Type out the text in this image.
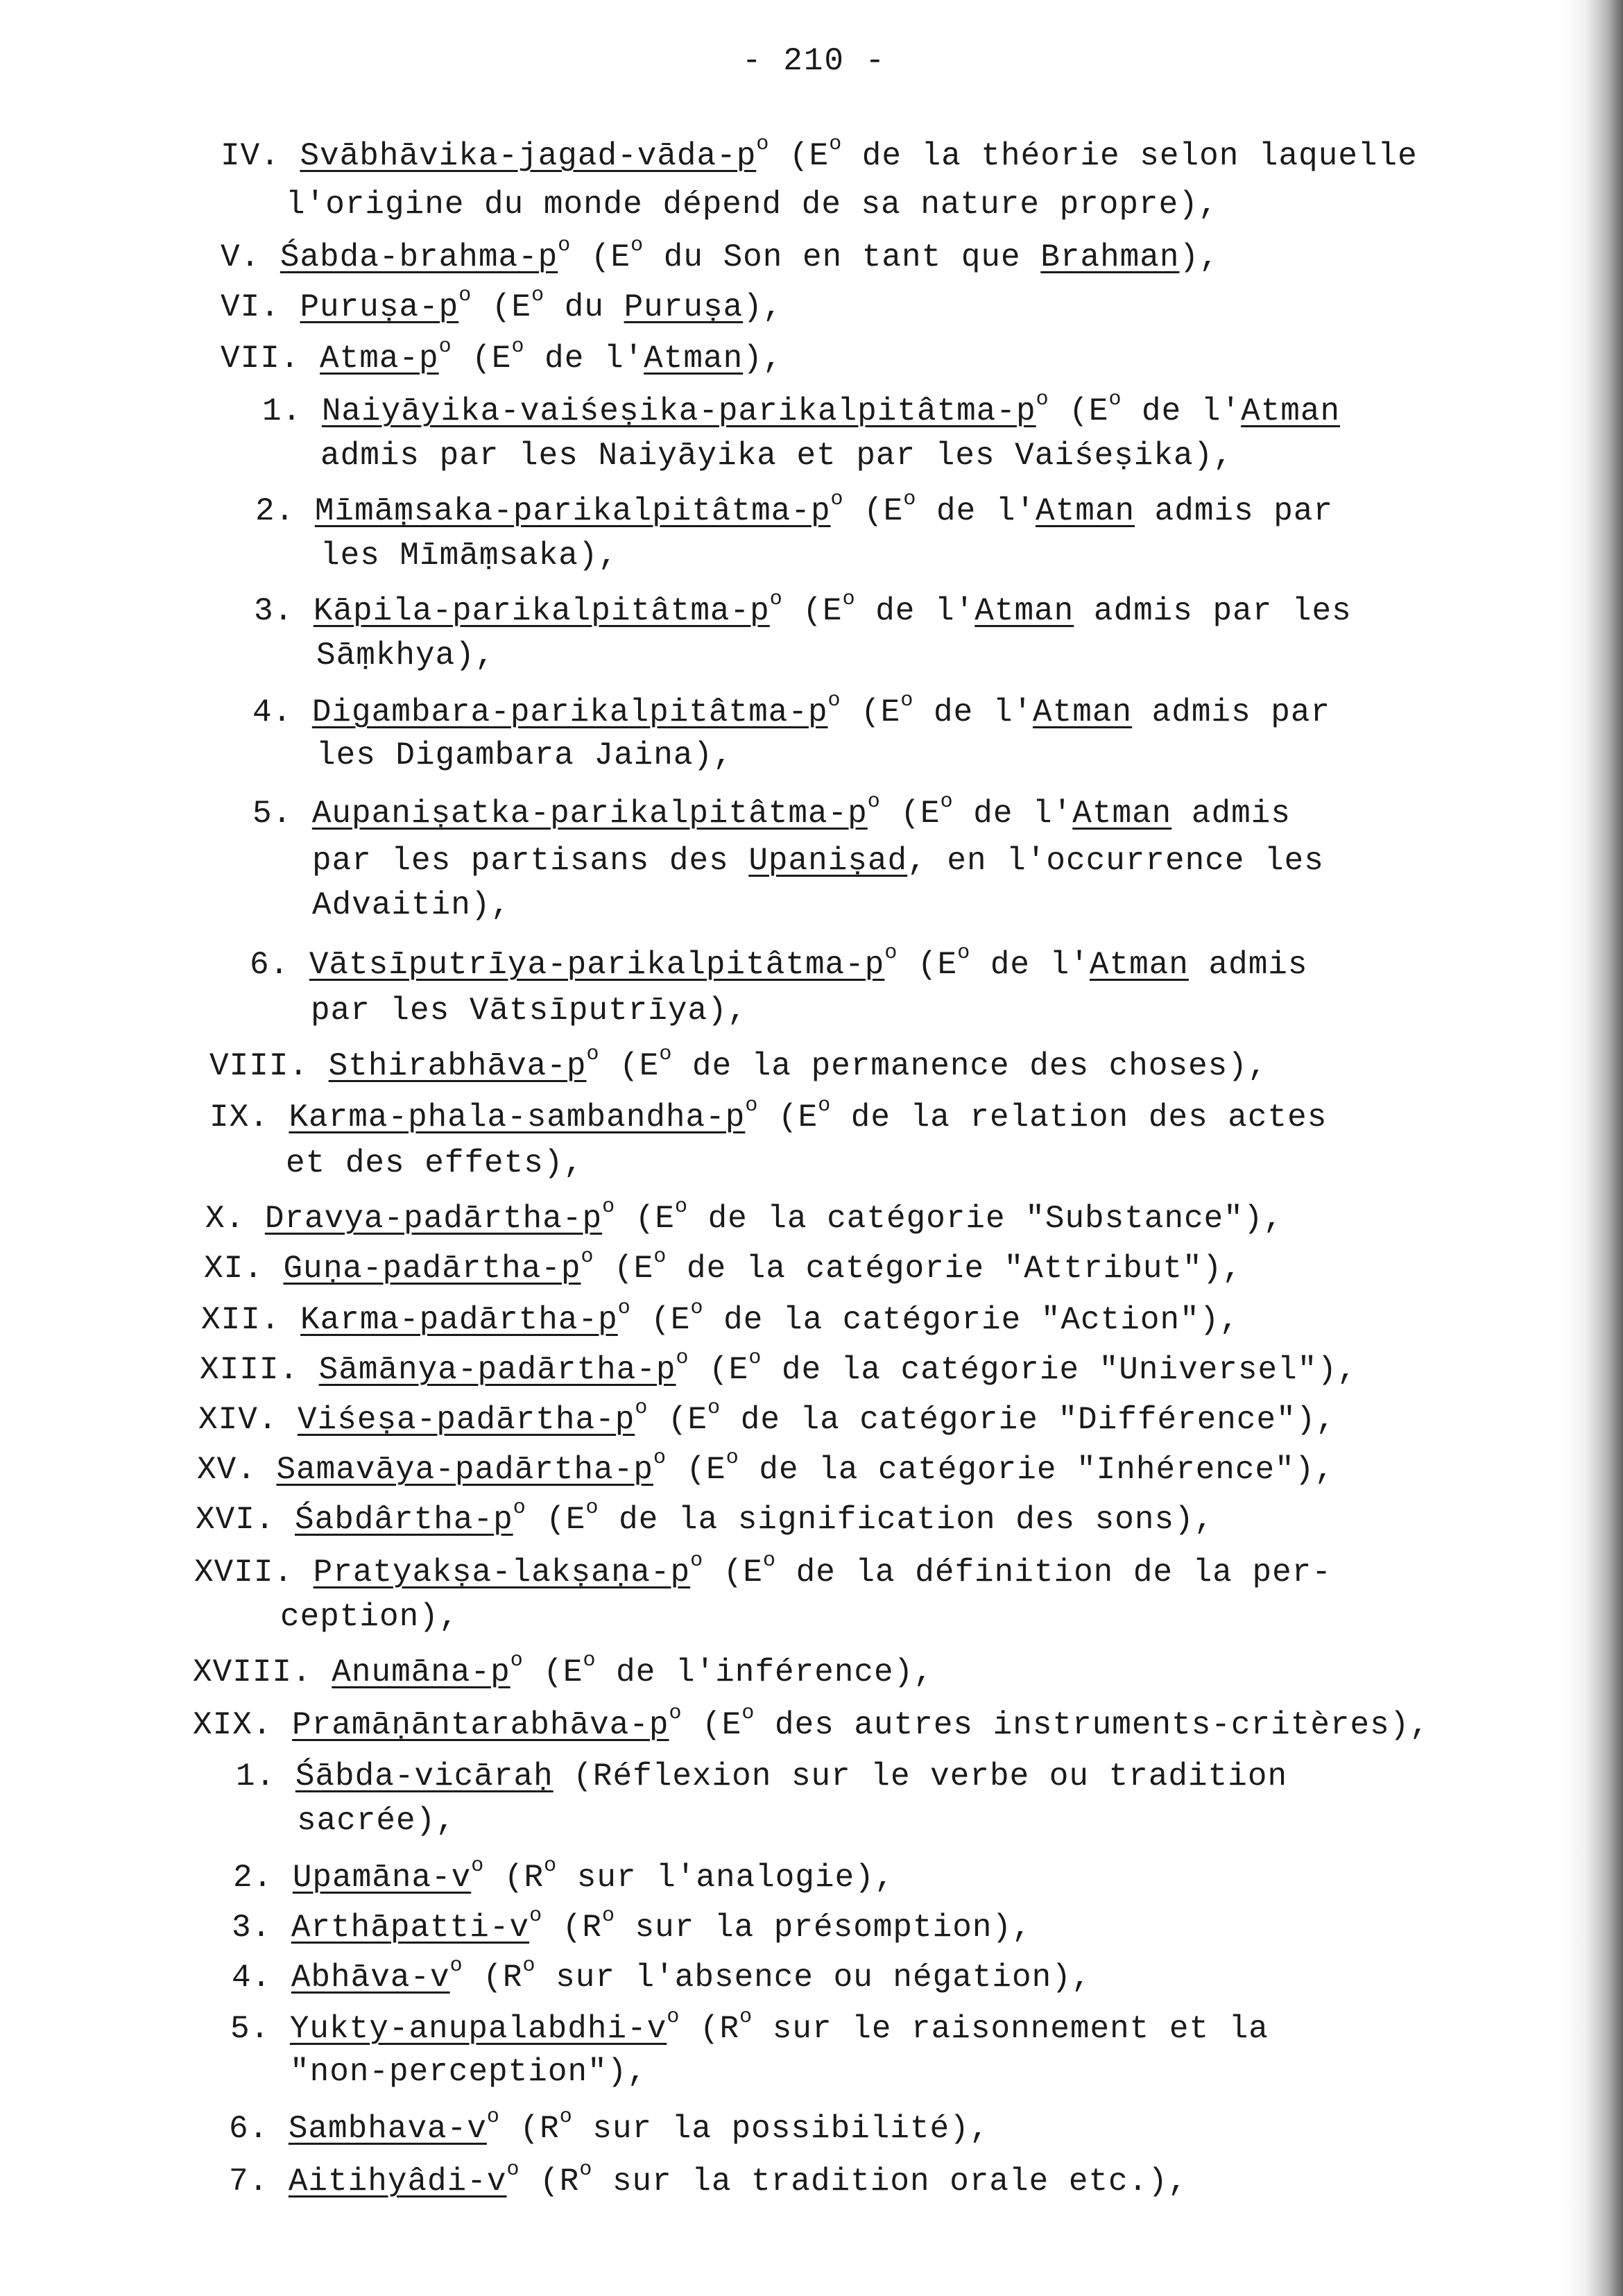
- 210 -
IV. Svābhāvika-$jagad-vāda-p^o$ ($E^o$ de la théorie selon laquelle
l'origine du monde dépend de sa nature propre),
V. Śabda-$brahma-p^o$ ($E^o$ du Son en tant que Brahman),
VI. Puruṣa-$p^o$ ($E^o$ du Puruṣa),
VII. Atma-$p^o$ ($E^o$ de l'Atman),
1. Naiyāyika-$vaiśeṣika-parikalpitâtma-p^o$ ($E^o$ de l'Atman
admis par les Naiyāyika et par les Vaiśeṣika),
2. Mīmāṃsaka-$parikalpitâtma-p^o$ ($E^o$ de l'Atman admis par
les Mīmāṃsaka),
3. Kāpila-$parikalpitâtma-p^o$ ($E^o$ de l'Atman admis par les
Sāṃkhya),
4. Digambara-$parikalpitâtma-p^o$ ($E^o$ de l'Atman admis par
les Digambara Jaina),
5. Aupaniṣatka-$parikalpitâtma-p^o$ ($E^o$ de l'Atman admis
par les partisans des Upaniṣad, en l'occurrence les
Advaitin),
6. Vātsīputrīya-$parikalpitâtma-p^o$ ($E^o$ de l'Atman admis
par les Vātsīputrīya),
VIII. Sthirabhāva-$p^o$ ($E^o$ de la permanence des choses),
IX. Karma-$phala-sambandha-p^o$ ($E^o$ de la relation des actes
et des effets),
X. Dravya-$padārtha-p^o$ ($E^o$ de la catégorie "Substance"),
XI. Guṇa-$padārtha-p^o$ ($E^o$ de la catégorie "Attribut"),
XII. Karma-$padārtha-p^o$ ($E^o$ de la catégorie "Action"),
XIII. Sāmānya-$padārtha-p^o$ ($E^o$ de la catégorie "Universel"),
XIV. Viśeṣa-$padārtha-p^o$ ($E^o$ de la catégorie "Différence"),
XV. Samavāya-$padārtha-p^o$ ($E^o$ de la catégorie "Inhérence"),
XVI. Śabdârtha-$p^o$ ($E^o$ de la signification des sons),
XVII. Pratyakṣa-$lakṣaṇa-p^o$ ($E^o$ de la définition de la per-
ception),
XVIII. Anumāna-$p^o$ ($E^o$ de l'inférence),
XIX. Pramāṇāntarabhāva-$p^o$ ($E^o$ des autres instruments-critères),
1. Śābda-vicāraḥ (Réflexion sur le verbe ou tradition
sacrée),
2. Upamāna-$v^o$ ($R^o$ sur l'analogie),
3. Arthāpatti-$v^o$ ($R^o$ sur la présomption),
4. Abhāva-$v^o$ ($R^o$ sur l'absence ou négation),
5. Yukty-$anupalabdhi-v^o$ ($R^o$ sur le raisonnement et la
"non-perception"),
6. Sambhava-$v^o$ ($R^o$ sur la possibilité),
7. Aitihyâdi-$v^o$ ($R^o$ sur la tradition orale etc.),
